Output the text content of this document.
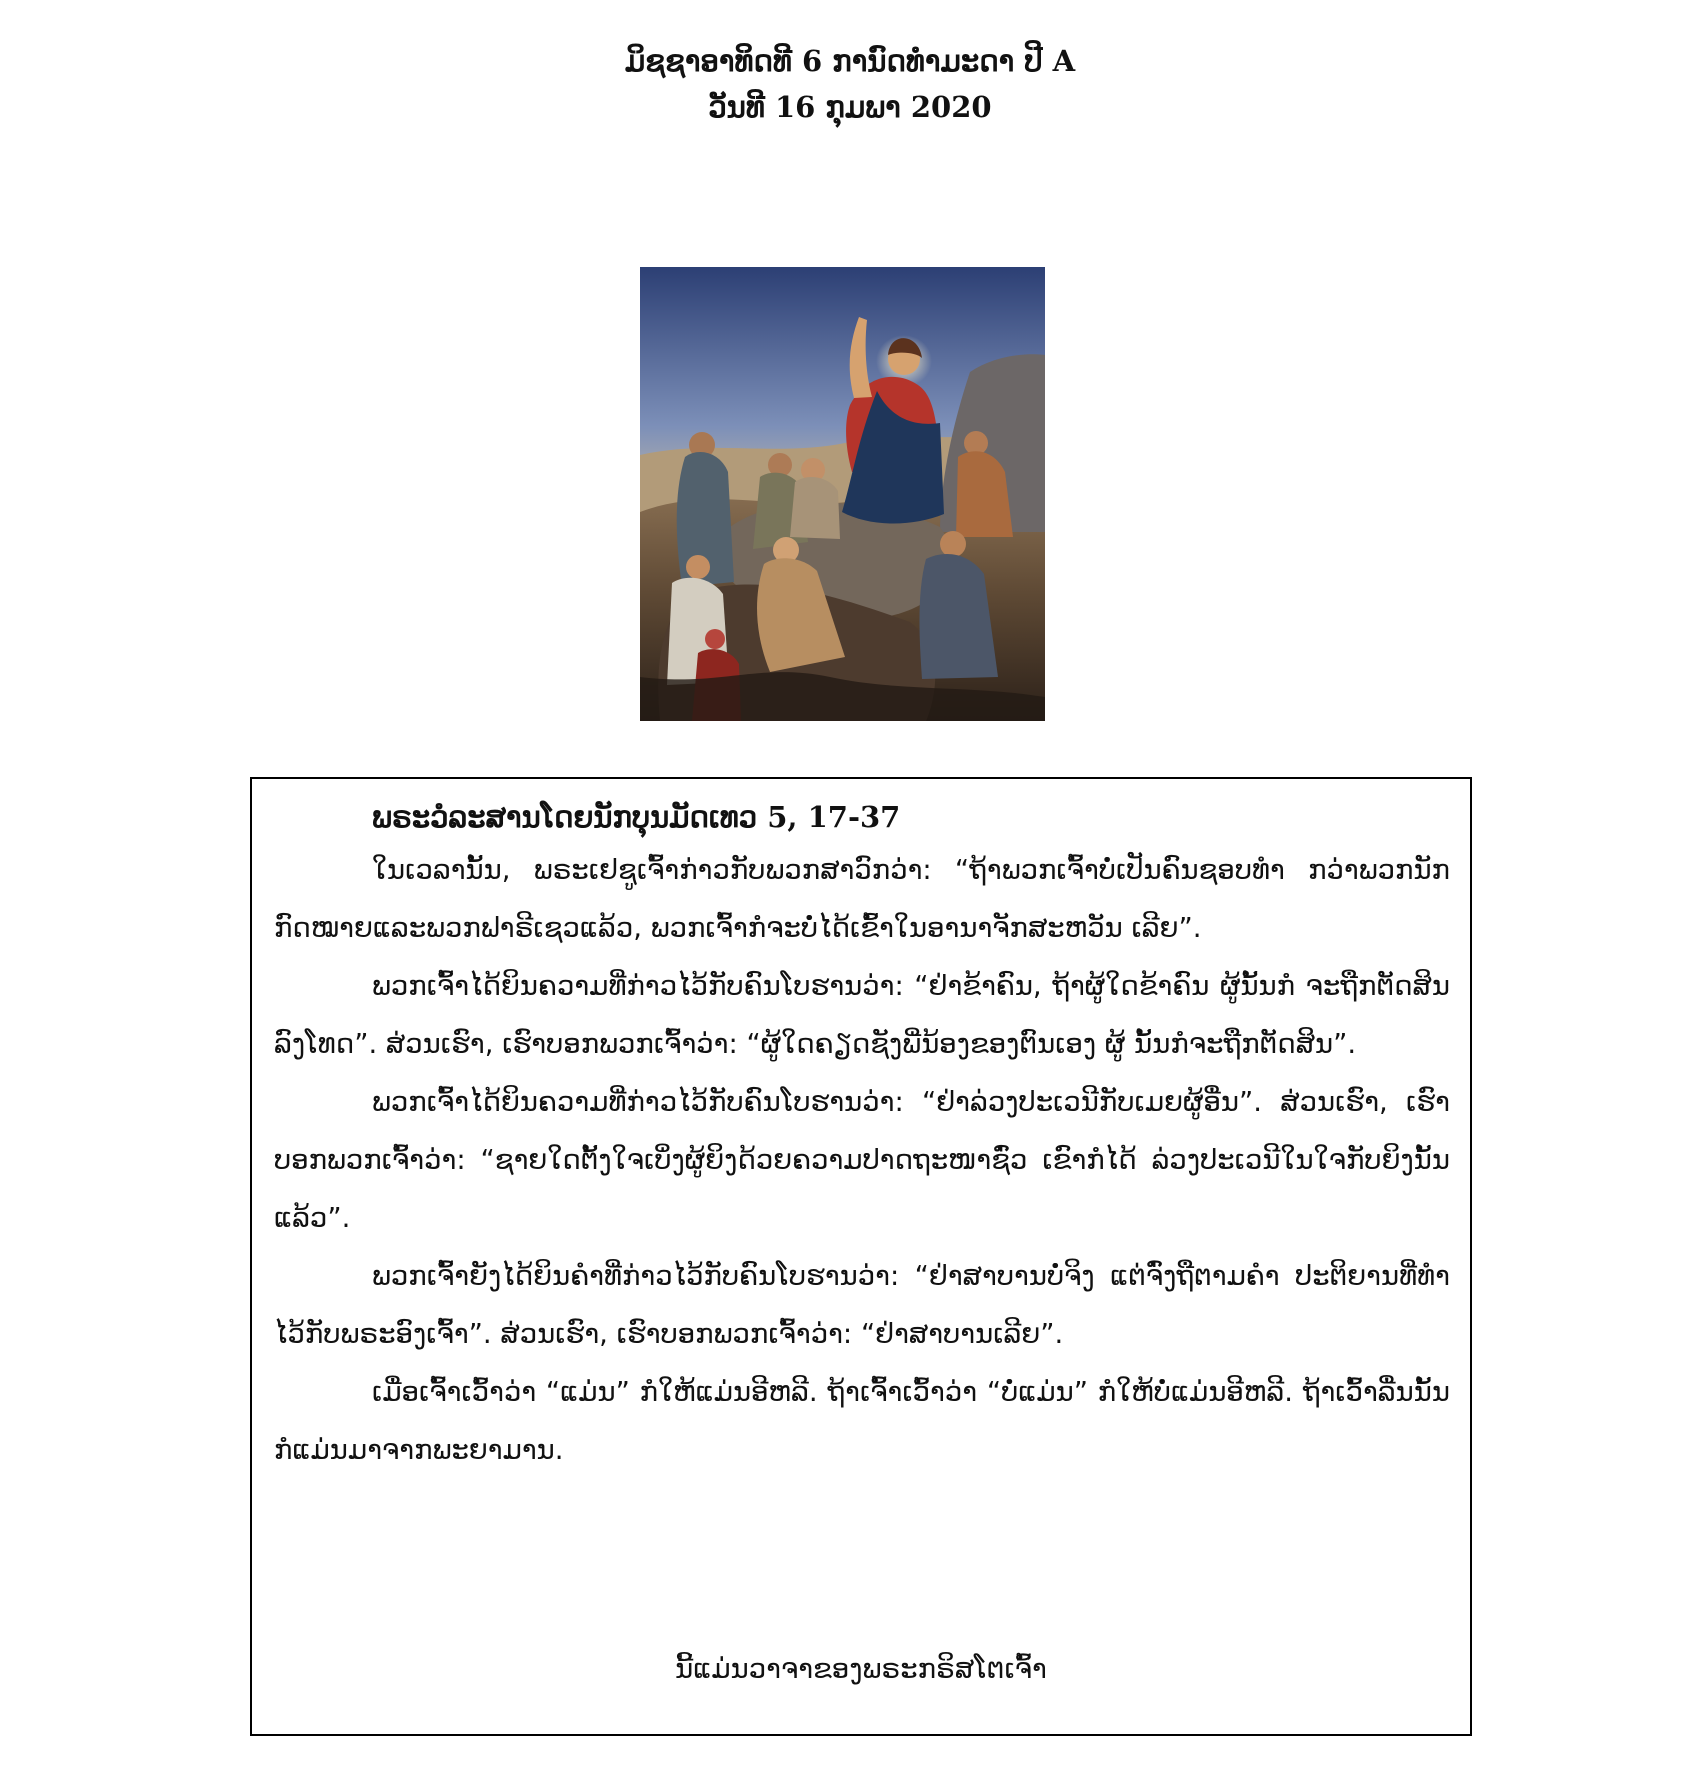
ມິຊຊາອາທິດທີ 6 ການົດທຳມະດາ ປີ A
ວັນທີ 16 ກຸມພາ 2020
ພຣະວໍລະສານໂດຍນັກບຸນມັດເທວ 5, 17-37

ໃນເວລານັ້ນ, ພຣະເຢຊູເຈົ້າກ່າວກັບພວກສາວົກວ່າ: “ຖ້າພວກເຈົ້າບໍ່ເປັນຄົນຊອບທຳ ກວ່າພວກນັກກົດໝາຍແລະພວກຟາຣີເຊວແລ້ວ, ພວກເຈົ້າກໍຈະບໍ່ໄດ້ເຂົ້າໃນອານາຈັກສະຫວັນ ເລີຍ”.

ພວກເຈົ້າໄດ້ຍິນຄວາມທີ່ກ່າວໄວ້ກັບຄົນໂບຮານວ່າ: “ຢ່າຂ້າຄົນ, ຖ້າຜູ້ໃດຂ້າຄົນ ຜູ້ນັ້ນກໍ ຈະຖືກຕັດສິນລົງໂທດ”. ສ່ວນເຮົາ, ເຮົາບອກພວກເຈົ້າວ່າ: “ຜູ້ໃດຄຽດຊັງພີ່ນ້ອງຂອງຕົນເອງ ຜູ້ ນັ້ນກໍຈະຖືກຕັດສິນ”.

ພວກເຈົ້າໄດ້ຍິນຄວາມທີ່ກ່າວໄວ້ກັບຄົນໂບຮານວ່າ: “ຢ່າລ່ວງປະເວນີກັບເມຍຜູ້ອື່ນ”. ສ່ວນເຮົາ, ເຮົາບອກພວກເຈົ້າວ່າ: “ຊາຍໃດຕັ້ງໃຈເບິ່ງຜູ້ຍິງດ້ວຍຄວາມປາດຖະໜາຊົ່ວ ເຂົາກໍໄດ້ ລ່ວງປະເວນີໃນໃຈກັບຍິງນັ້ນແລ້ວ”.

ພວກເຈົ້າຍັງໄດ້ຍິນຄຳທີ່ກ່າວໄວ້ກັບຄົນໂບຮານວ່າ: “ຢ່າສາບານບໍ່ຈິງ ແຕ່ຈົ່ງຖືຕາມຄຳ ປະຕິຍານທີ່ທຳໄວ້ກັບພຣະອົງເຈົ້າ”. ສ່ວນເຮົາ, ເຮົາບອກພວກເຈົ້າວ່າ: “ຢ່າສາບານເລີຍ”.

ເມື່ອເຈົ້າເວົ້າວ່າ “ແມ່ນ” ກໍໃຫ້ແມ່ນອີຫລີ. ຖ້າເຈົ້າເວົ້າວ່າ “ບໍ່ແມ່ນ” ກໍໃຫ້ບໍ່ແມ່ນອີຫລີ. ຖ້າເວົ້າລື່ນນັ້ນກໍແມ່ນມາຈາກພະຍາມານ.

ນີ້ແມ່ນວາຈາຂອງພຣະກຣິສໂຕເຈົ້າ
